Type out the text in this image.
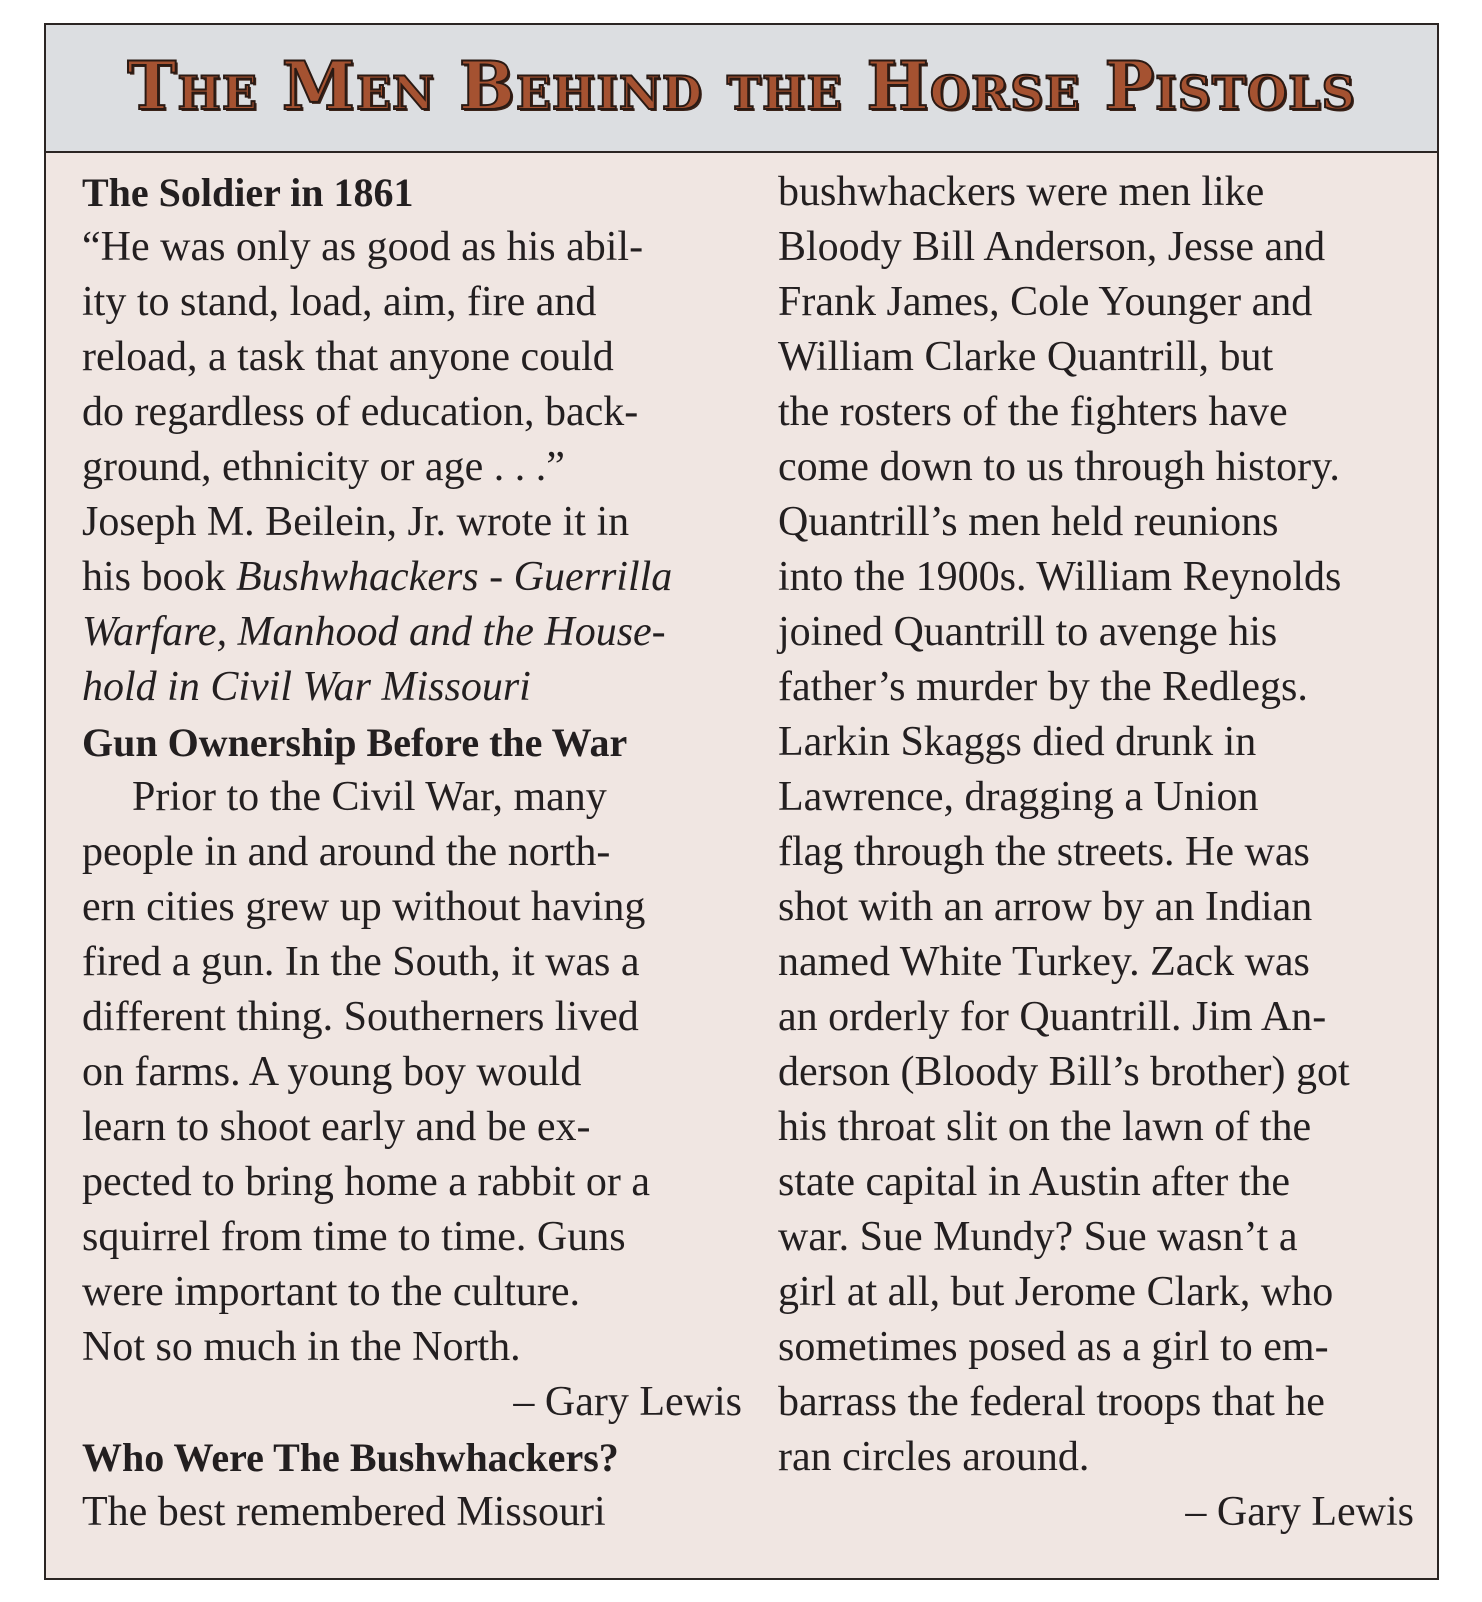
The Men Behind the Horse Pistols
The Soldier in 1861
“He was only as good as his abil-
ity to stand, load, aim, fire and
reload, a task that anyone could
do regardless of education, back-
ground, ethnicity or age . . .”
Joseph M. Beilein, Jr. wrote it in
his book Bushwhackers - Guerrilla
Warfare, Manhood and the House-
hold in Civil War Missouri
Gun Ownership Before the War
Prior to the Civil War, many
people in and around the north-
ern cities grew up without having
fired a gun. In the South, it was a
different thing. Southerners lived
on farms. A young boy would
learn to shoot early and be ex-
pected to bring home a rabbit or a
squirrel from time to time. Guns
were important to the culture.
Not so much in the North.
– Gary Lewis
Who Were The Bushwhackers?
The best remembered Missouri
bushwhackers were men like
Bloody Bill Anderson, Jesse and
Frank James, Cole Younger and
William Clarke Quantrill, but
the rosters of the fighters have
come down to us through history.
Quantrill’s men held reunions
into the 1900s. William Reynolds
joined Quantrill to avenge his
father’s murder by the Redlegs.
Larkin Skaggs died drunk in
Lawrence, dragging a Union
flag through the streets. He was
shot with an arrow by an Indian
named White Turkey. Zack was
an orderly for Quantrill. Jim An-
derson (Bloody Bill’s brother) got
his throat slit on the lawn of the
state capital in Austin after the
war. Sue Mundy? Sue wasn’t a
girl at all, but Jerome Clark, who
sometimes posed as a girl to em-
barrass the federal troops that he
ran circles around.
– Gary Lewis
